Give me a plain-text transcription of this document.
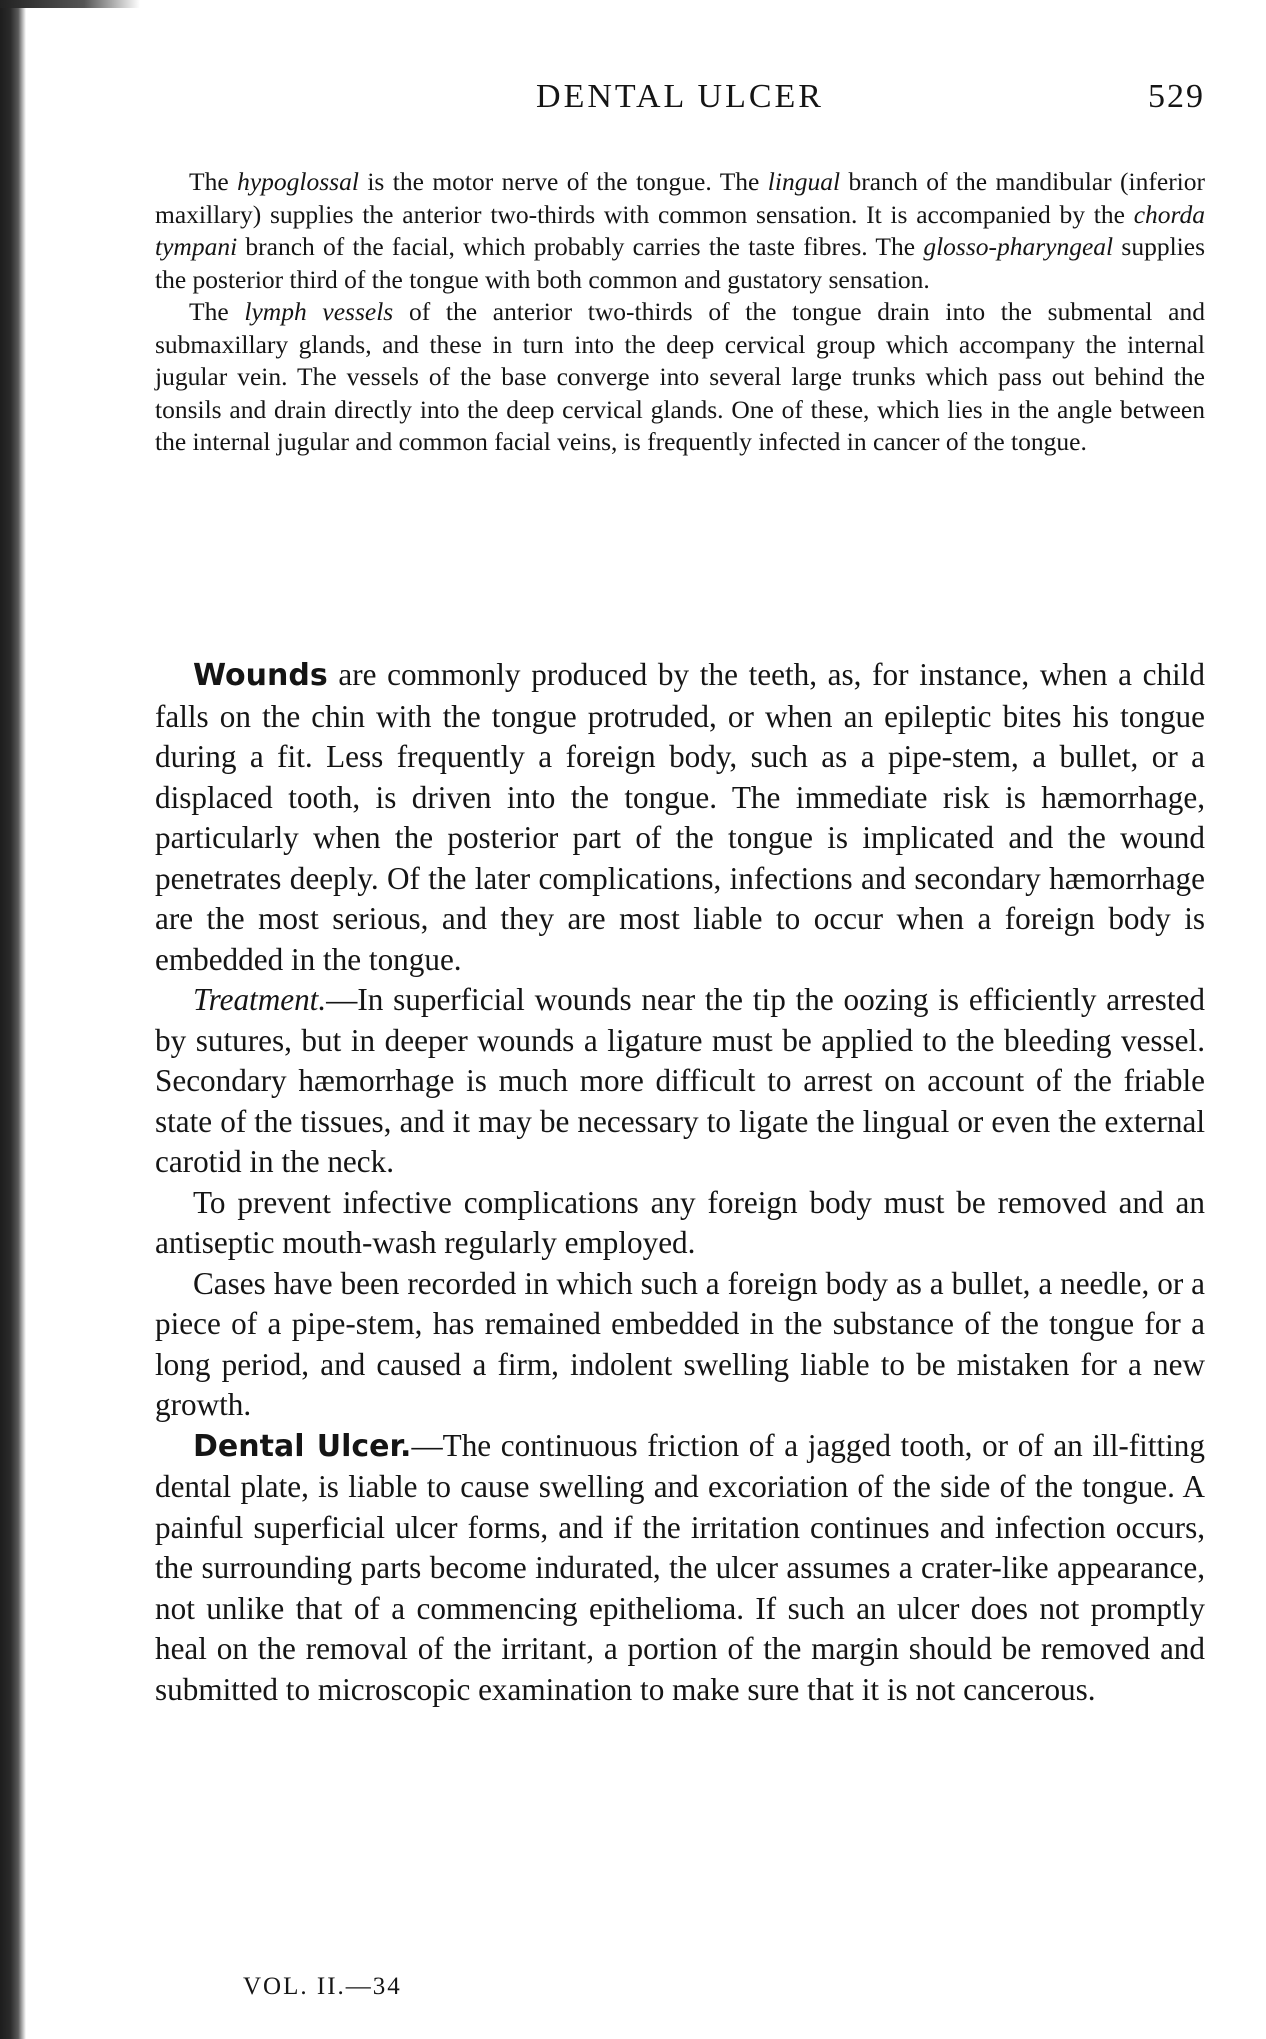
DENTAL ULCER	529

The hypoglossal is the motor nerve of the tongue. The lingual branch of the mandibular (inferior maxillary) supplies the anterior two-thirds with common sensation. It is accompanied by the chorda tympani branch of the facial, which probably carries the taste fibres. The glosso-pharyngeal supplies the posterior third of the tongue with both common and gustatory sensation.

The lymph vessels of the anterior two-thirds of the tongue drain into the submental and submaxillary glands, and these in turn into the deep cervical group which accompany the internal jugular vein. The vessels of the base converge into several large trunks which pass out behind the tonsils and drain directly into the deep cervical glands. One of these, which lies in the angle between the internal jugular and common facial veins, is frequently infected in cancer of the tongue.

Wounds are commonly produced by the teeth, as, for instance, when a child falls on the chin with the tongue protruded, or when an epileptic bites his tongue during a fit. Less frequently a foreign body, such as a pipe-stem, a bullet, or a displaced tooth, is driven into the tongue. The immediate risk is hæmorrhage, particularly when the posterior part of the tongue is implicated and the wound penetrates deeply. Of the later complications, infections and secondary hæmorrhage are the most serious, and they are most liable to occur when a foreign body is embedded in the tongue.

Treatment.—In superficial wounds near the tip the oozing is efficiently arrested by sutures, but in deeper wounds a ligature must be applied to the bleeding vessel. Secondary hæmorrhage is much more difficult to arrest on account of the friable state of the tissues, and it may be necessary to ligate the lingual or even the external carotid in the neck.

To prevent infective complications any foreign body must be removed and an antiseptic mouth-wash regularly employed.

Cases have been recorded in which such a foreign body as a bullet, a needle, or a piece of a pipe-stem, has remained embedded in the substance of the tongue for a long period, and caused a firm, indolent swelling liable to be mistaken for a new growth.

Dental Ulcer.—The continuous friction of a jagged tooth, or of an ill-fitting dental plate, is liable to cause swelling and excoriation of the side of the tongue. A painful superficial ulcer forms, and if the irritation continues and infection occurs, the surrounding parts become indurated, the ulcer assumes a crater-like appearance, not unlike that of a commencing epithelioma. If such an ulcer does not promptly heal on the removal of the irritant, a portion of the margin should be removed and submitted to microscopic examination to make sure that it is not cancerous.

VOL. II.—34
